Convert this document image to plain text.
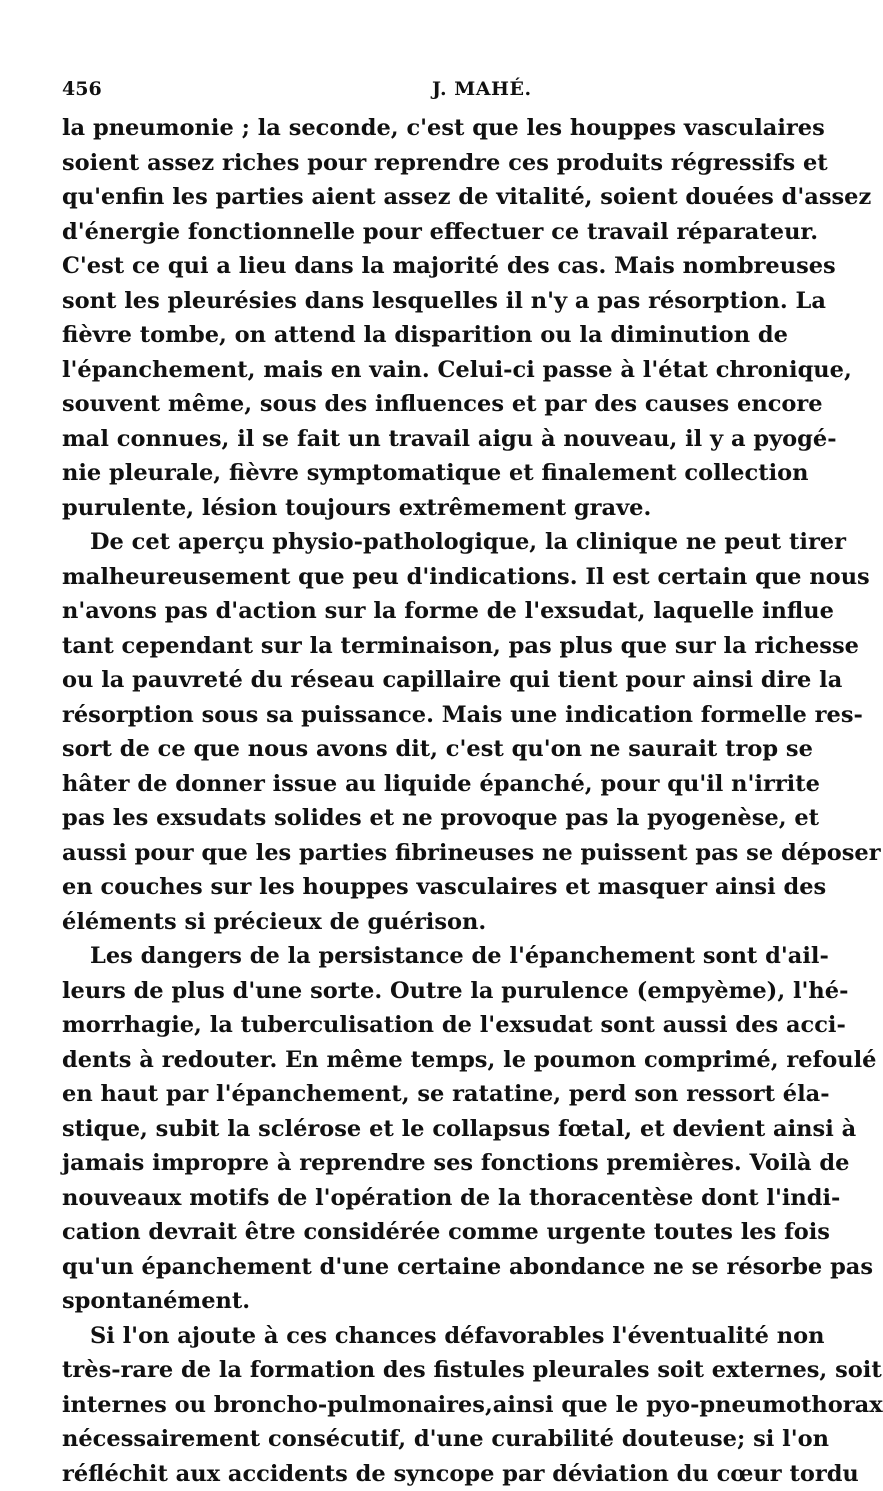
456	J. MAHÉ.
la pneumonie ; la seconde, c'est que les houppes vasculaires
soient assez riches pour reprendre ces produits régressifs et
qu'enfin les parties aient assez de vitalité, soient douées d'assez
d'énergie fonctionnelle pour effectuer ce travail réparateur.
C'est ce qui a lieu dans la majorité des cas. Mais nombreuses
sont les pleurésies dans lesquelles il n'y a pas résorption. La
fièvre tombe, on attend la disparition ou la diminution de
l'épanchement, mais en vain. Celui-ci passe à l'état chronique,
souvent même, sous des influences et par des causes encore
mal connues, il se fait un travail aigu à nouveau, il y a pyogé-
nie pleurale, fièvre symptomatique et finalement collection
purulente, lésion toujours extrêmement grave.
De cet aperçu physio-pathologique, la clinique ne peut tirer
malheureusement que peu d'indications. Il est certain que nous
n'avons pas d'action sur la forme de l'exsudat, laquelle influe
tant cependant sur la terminaison, pas plus que sur la richesse
ou la pauvreté du réseau capillaire qui tient pour ainsi dire la
résorption sous sa puissance. Mais une indication formelle res-
sort de ce que nous avons dit, c'est qu'on ne saurait trop se
hâter de donner issue au liquide épanché, pour qu'il n'irrite
pas les exsudats solides et ne provoque pas la pyogenèse, et
aussi pour que les parties fibrineuses ne puissent pas se déposer
en couches sur les houppes vasculaires et masquer ainsi des
éléments si précieux de guérison.
Les dangers de la persistance de l'épanchement sont d'ail-
leurs de plus d'une sorte. Outre la purulence (empyème), l'hé-
morrhagie, la tuberculisation de l'exsudat sont aussi des acci-
dents à redouter. En même temps, le poumon comprimé, refoulé
en haut par l'épanchement, se ratatine, perd son ressort éla-
stique, subit la sclérose et le collapsus fœtal, et devient ainsi à
jamais impropre à reprendre ses fonctions premières. Voilà de
nouveaux motifs de l'opération de la thoracentèse dont l'indi-
cation devrait être considérée comme urgente toutes les fois
qu'un épanchement d'une certaine abondance ne se résorbe pas
spontanément.
Si l'on ajoute à ces chances défavorables l'éventualité non
très-rare de la formation des fistules pleurales soit externes, soit
internes ou broncho-pulmonaires,ainsi que le pyo-pneumothorax
nécessairement consécutif, d'une curabilité douteuse; si l'on
réfléchit aux accidents de syncope par déviation du cœur tordu
